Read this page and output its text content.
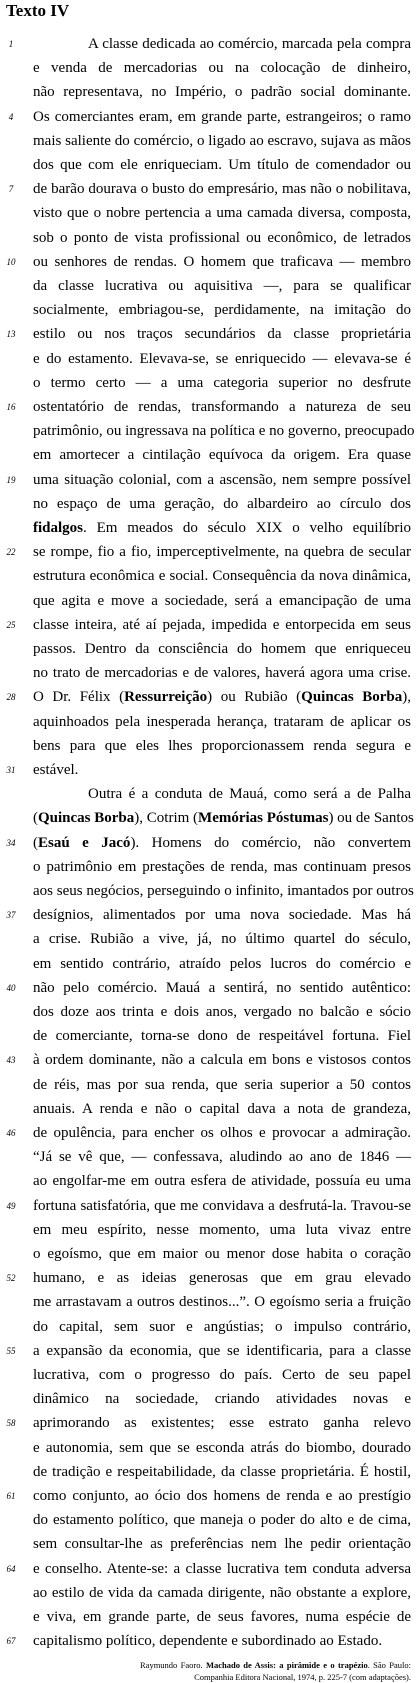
Texto IV
1
4
7
10
13
16
19
22
25
28
31
34
37
40
43
46
49
52
55
58
61
64
67
A classe dedicada ao comércio, marcada pela compra
e venda de mercadorias ou na colocação de dinheiro,
não representava, no Império, o padrão social dominante.
Os comerciantes eram, em grande parte, estrangeiros; o ramo
mais saliente do comércio, o ligado ao escravo, sujava as mãos
dos que com ele enriqueciam. Um título de comendador ou
de barão dourava o busto do empresário, mas não o nobilitava,
visto que o nobre pertencia a uma camada diversa, composta,
sob o ponto de vista profissional ou econômico, de letrados
ou senhores de rendas. O homem que traficava — membro
da classe lucrativa ou aquisitiva —, para se qualificar
socialmente, embriagou-se, perdidamente, na imitação do
estilo ou nos traços secundários da classe proprietária
e do estamento. Elevava-se, se enriquecido — elevava-se é
o termo certo — a uma categoria superior no desfrute
ostentatório de rendas, transformando a natureza de seu
patrimônio, ou ingressava na política e no governo, preocupado
em amortecer a cintilação equívoca da origem. Era quase
uma situação colonial, com a ascensão, nem sempre possível
no espaço de uma geração, do albardeiro ao círculo dos
fidalgos. Em meados do século XIX o velho equilíbrio
se rompe, fio a fio, imperceptivelmente, na quebra de secular
estrutura econômica e social. Consequência da nova dinâmica,
que agita e move a sociedade, será a emancipação de uma
classe inteira, até aí pejada, impedida e entorpecida em seus
passos. Dentro da consciência do homem que enriqueceu
no trato de mercadorias e de valores, haverá agora uma crise.
O Dr. Félix (Ressurreição) ou Rubião (Quincas Borba),
aquinhoados pela inesperada herança, trataram de aplicar os
bens para que eles lhes proporcionassem renda segura e
estável.
Outra é a conduta de Mauá, como será a de Palha
(Quincas Borba), Cotrim (Memórias Póstumas) ou de Santos
(Esaú e Jacó). Homens do comércio, não convertem
o patrimônio em prestações de renda, mas continuam presos
aos seus negócios, perseguindo o infinito, imantados por outros
desígnios, alimentados por uma nova sociedade. Mas há
a crise. Rubião a vive, já, no último quartel do século,
em sentido contrário, atraído pelos lucros do comércio e
não pelo comércio. Mauá a sentirá, no sentido autêntico:
dos doze aos trinta e dois anos, vergado no balcão e sócio
de comerciante, torna-se dono de respeitável fortuna. Fiel
à ordem dominante, não a calcula em bons e vistosos contos
de réis, mas por sua renda, que seria superior a 50 contos
anuais. A renda e não o capital dava a nota de grandeza,
de opulência, para encher os olhos e provocar a admiração.
“Já se vê que, — confessava, aludindo ao ano de 1846 —
ao engolfar-me em outra esfera de atividade, possuía eu uma
fortuna satisfatória, que me convidava a desfrutá-la. Travou-se
em meu espírito, nesse momento, uma luta vivaz entre
o egoísmo, que em maior ou menor dose habita o coração
humano, e as ideias generosas que em grau elevado
me arrastavam a outros destinos...”. O egoísmo seria a fruição
do capital, sem suor e angústias; o impulso contrário,
a expansão da economia, que se identificaria, para a classe
lucrativa, com o progresso do país. Certo de seu papel
dinâmico na sociedade, criando atividades novas e
aprimorando as existentes; esse estrato ganha relevo
e autonomia, sem que se esconda atrás do biombo, dourado
de tradição e respeitabilidade, da classe proprietária. É hostil,
como conjunto, ao ócio dos homens de renda e ao prestígio
do estamento político, que maneja o poder do alto e de cima,
sem consultar-lhe as preferências nem lhe pedir orientação
e conselho. Atente-se: a classe lucrativa tem conduta adversa
ao estilo de vida da camada dirigente, não obstante a explore,
e viva, em grande parte, de seus favores, numa espécie de
capitalismo político, dependente e subordinado ao Estado.
Raymundo Faoro. Machado de Assis: a pirâmide e o trapézio. São Paulo: Companhia Editora Nacional, 1974, p. 225-7 (com adaptações).
